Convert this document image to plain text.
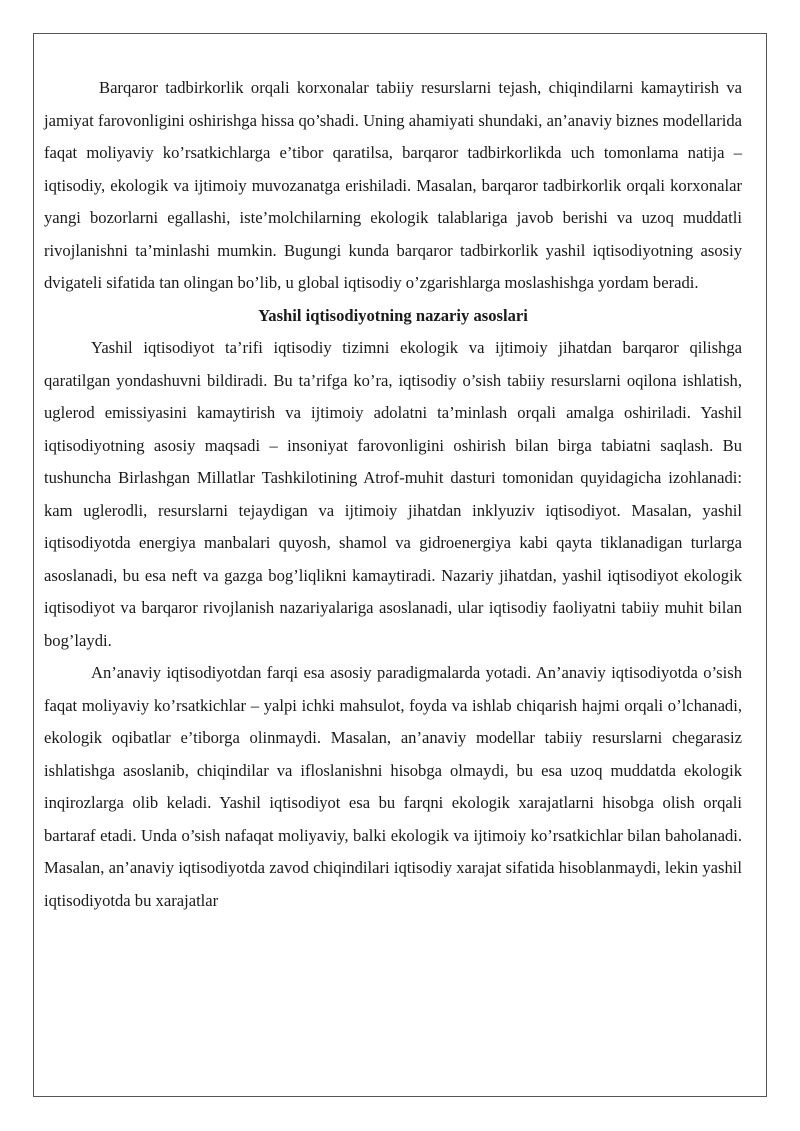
Barqaror tadbirkorlik orqali korxonalar tabiiy resurslarni tejash, chiqindilarni kamaytirish va jamiyat farovonligini oshirishga hissa qo’shadi. Uning ahamiyati shundaki, an’anaviy biznes modellarida faqat moliyaviy ko’rsatkichlarga e’tibor qaratilsa, barqaror tadbirkorlikda uch tomonlama natija – iqtisodiy, ekologik va ijtimoiy muvozanatga erishiladi. Masalan, barqaror tadbirkorlik orqali korxonalar yangi bozorlarni egallashi, iste’molchilarning ekologik talablariga javob berishi va uzoq muddatli rivojlanishni ta’minlashi mumkin. Bugungi kunda barqaror tadbirkorlik yashil iqtisodiyotning asosiy dvigateli sifatida tan olingan bo’lib, u global iqtisodiy o’zgarishlarga moslashishga yordam beradi.

Yashil iqtisodiyotning nazariy asoslari

Yashil iqtisodiyot ta’rifi iqtisodiy tizimni ekologik va ijtimoiy jihatdan barqaror qilishga qaratilgan yondashuvni bildiradi. Bu ta’rifga ko’ra, iqtisodiy o’sish tabiiy resurslarni oqilona ishlatish, uglerod emissiyasini kamaytirish va ijtimoiy adolatni ta’minlash orqali amalga oshiriladi. Yashil iqtisodiyotning asosiy maqsadi – insoniyat farovonligini oshirish bilan birga tabiatni saqlash. Bu tushuncha Birlashgan Millatlar Tashkilotining Atrof-muhit dasturi tomonidan quyidagicha izohlanadi: kam uglerodli, resurslarni tejaydigan va ijtimoiy jihatdan inklyuziv iqtisodiyot. Masalan, yashil iqtisodiyotda energiya manbalari quyosh, shamol va gidroenergiya kabi qayta tiklanadigan turlarga asoslanadi, bu esa neft va gazga bog’liqlikni kamaytiradi. Nazariy jihatdan, yashil iqtisodiyot ekologik iqtisodiyot va barqaror rivojlanish nazariyalariga asoslanadi, ular iqtisodiy faoliyatni tabiiy muhit bilan bog’laydi.

An’anaviy iqtisodiyotdan farqi esa asosiy paradigmalarda yotadi. An’anaviy iqtisodiyotda o’sish faqat moliyaviy ko’rsatkichlar – yalpi ichki mahsulot, foyda va ishlab chiqarish hajmi orqali o’lchanadi, ekologik oqibatlar e’tiborga olinmaydi. Masalan, an’anaviy modellar tabiiy resurslarni chegarasiz ishlatishga asoslanib, chiqindilar va ifloslanishni hisobga olmaydi, bu esa uzoq muddatda ekologik inqirozlarga olib keladi. Yashil iqtisodiyot esa bu farqni ekologik xarajatlarni hisobga olish orqali bartaraf etadi. Unda o’sish nafaqat moliyaviy, balki ekologik va ijtimoiy ko’rsatkichlar bilan baholanadi. Masalan, an’anaviy iqtisodiyotda zavod chiqindilari iqtisodiy xarajat sifatida hisoblanmaydi, lekin yashil iqtisodiyotda bu xarajatlar
